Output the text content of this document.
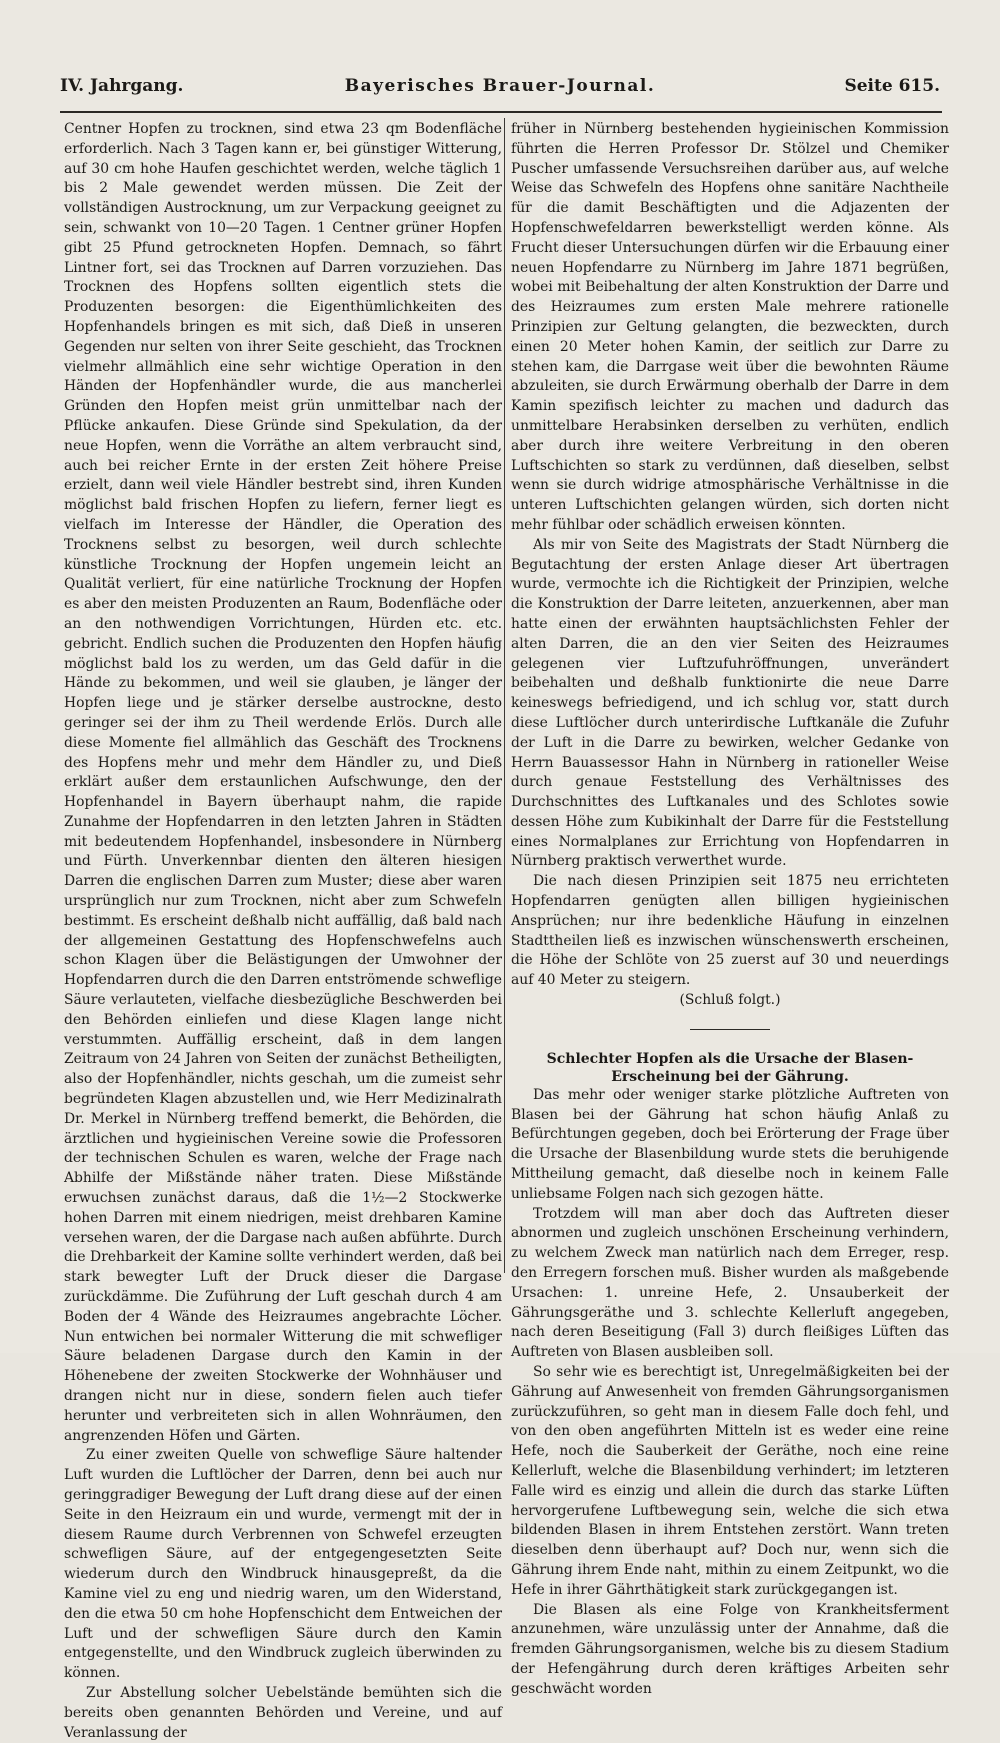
IV. Jahrgang.	Bayerisches Brauer-Journal.	Seite 615.

Centner Hopfen zu trocknen, sind etwa 23 qm Bodenfläche erforderlich. Nach 3 Tagen kann er, bei günstiger Witterung, auf 30 cm hohe Haufen geschichtet werden, welche täglich 1 bis 2 Male gewendet werden müssen. Die Zeit der vollständigen Austrocknung, um zur Verpackung geeignet zu sein, schwankt von 10—20 Tagen. 1 Centner grüner Hopfen gibt 25 Pfund getrockneten Hopfen. Demnach, so fährt Lintner fort, sei das Trocknen auf Darren vorzuziehen. Das Trocknen des Hopfens sollten eigentlich stets die Produzenten besorgen: die Eigenthümlichkeiten des Hopfenhandels bringen es mit sich, daß Dieß in unseren Gegenden nur selten von ihrer Seite geschieht, das Trocknen vielmehr allmählich eine sehr wichtige Operation in den Händen der Hopfenhändler wurde, die aus mancherlei Gründen den Hopfen meist grün unmittelbar nach der Pflücke ankaufen. Diese Gründe sind Spekulation, da der neue Hopfen, wenn die Vorräthe an altem verbraucht sind, auch bei reicher Ernte in der ersten Zeit höhere Preise erzielt, dann weil viele Händler bestrebt sind, ihren Kunden möglichst bald frischen Hopfen zu liefern, ferner liegt es vielfach im Interesse der Händler, die Operation des Trocknens selbst zu besorgen, weil durch schlechte künstliche Trocknung der Hopfen ungemein leicht an Qualität verliert, für eine natürliche Trocknung der Hopfen es aber den meisten Produzenten an Raum, Bodenfläche oder an den nothwendigen Vorrichtungen, Hürden etc. etc. gebricht. Endlich suchen die Produzenten den Hopfen häufig möglichst bald los zu werden, um das Geld dafür in die Hände zu bekommen, und weil sie glauben, je länger der Hopfen liege und je stärker derselbe austrockne, desto geringer sei der ihm zu Theil werdende Erlös. Durch alle diese Momente fiel allmählich das Geschäft des Trocknens des Hopfens mehr und mehr dem Händler zu, und Dieß erklärt außer dem erstaunlichen Aufschwunge, den der Hopfenhandel in Bayern überhaupt nahm, die rapide Zunahme der Hopfendarren in den letzten Jahren in Städten mit bedeutendem Hopfenhandel, insbesondere in Nürnberg und Fürth. Unverkennbar dienten den älteren hiesigen Darren die englischen Darren zum Muster; diese aber waren ursprünglich nur zum Trocknen, nicht aber zum Schwefeln bestimmt. Es erscheint deßhalb nicht auffällig, daß bald nach der allgemeinen Gestattung des Hopfenschwefelns auch schon Klagen über die Belästigungen der Umwohner der Hopfendarren durch die den Darren entströmende schweflige Säure verlauteten, vielfache diesbezügliche Beschwerden bei den Behörden einliefen und diese Klagen lange nicht verstummten. Auffällig erscheint, daß in dem langen Zeitraum von 24 Jahren von Seiten der zunächst Betheiligten, also der Hopfenhändler, nichts geschah, um die zumeist sehr begründeten Klagen abzustellen und, wie Herr Medizinalrath Dr. Merkel in Nürnberg treffend bemerkt, die Behörden, die ärztlichen und hygieinischen Vereine sowie die Professoren der technischen Schulen es waren, welche der Frage nach Abhilfe der Mißstände näher traten. Diese Mißstände erwuchsen zunächst daraus, daß die 1½—2 Stockwerke hohen Darren mit einem niedrigen, meist drehbaren Kamine versehen waren, der die Dargase nach außen abführte. Durch die Drehbarkeit der Kamine sollte verhindert werden, daß bei stark bewegter Luft der Druck dieser die Dargase zurückdämme. Die Zuführung der Luft geschah durch 4 am Boden der 4 Wände des Heizraumes angebrachte Löcher. Nun entwichen bei normaler Witterung die mit schwefliger Säure beladenen Dargase durch den Kamin in der Höhenebene der zweiten Stockwerke der Wohnhäuser und drangen nicht nur in diese, sondern fielen auch tiefer herunter und verbreiteten sich in allen Wohnräumen, den angrenzenden Höfen und Gärten.

Zu einer zweiten Quelle von schweflige Säure haltender Luft wurden die Luftlöcher der Darren, denn bei auch nur geringgradiger Bewegung der Luft drang diese auf der einen Seite in den Heizraum ein und wurde, vermengt mit der in diesem Raume durch Verbrennen von Schwefel erzeugten schwefligen Säure, auf der entgegengesetzten Seite wiederum durch den Windbruck hinausgepreßt, da die Kamine viel zu eng und niedrig waren, um den Widerstand, den die etwa 50 cm hohe Hopfenschicht dem Entweichen der Luft und der schwefligen Säure durch den Kamin entgegenstellte, und den Windbruck zugleich überwinden zu können.

Zur Abstellung solcher Uebelstände bemühten sich die bereits oben genannten Behörden und Vereine, und auf Veranlassung der

früher in Nürnberg bestehenden hygieinischen Kommission führten die Herren Professor Dr. Stölzel und Chemiker Puscher umfassende Versuchsreihen darüber aus, auf welche Weise das Schwefeln des Hopfens ohne sanitäre Nachtheile für die damit Beschäftigten und die Adjazenten der Hopfenschwefeldarren bewerkstelligt werden könne. Als Frucht dieser Untersuchungen dürfen wir die Erbauung einer neuen Hopfendarre zu Nürnberg im Jahre 1871 begrüßen, wobei mit Beibehaltung der alten Konstruktion der Darre und des Heizraumes zum ersten Male mehrere rationelle Prinzipien zur Geltung gelangten, die bezweckten, durch einen 20 Meter hohen Kamin, der seitlich zur Darre zu stehen kam, die Darrgase weit über die bewohnten Räume abzuleiten, sie durch Erwärmung oberhalb der Darre in dem Kamin spezifisch leichter zu machen und dadurch das unmittelbare Herabsinken derselben zu verhüten, endlich aber durch ihre weitere Verbreitung in den oberen Luftschichten so stark zu verdünnen, daß dieselben, selbst wenn sie durch widrige atmosphärische Verhältnisse in die unteren Luftschichten gelangen würden, sich dorten nicht mehr fühlbar oder schädlich erweisen könnten.

Als mir von Seite des Magistrats der Stadt Nürnberg die Begutachtung der ersten Anlage dieser Art übertragen wurde, vermochte ich die Richtigkeit der Prinzipien, welche die Konstruktion der Darre leiteten, anzuerkennen, aber man hatte einen der erwähnten hauptsächlichsten Fehler der alten Darren, die an den vier Seiten des Heizraumes gelegenen vier Luftzufuhröffnungen, unverändert beibehalten und deßhalb funktionirte die neue Darre keineswegs befriedigend, und ich schlug vor, statt durch diese Luftlöcher durch unterirdische Luftkanäle die Zufuhr der Luft in die Darre zu bewirken, welcher Gedanke von Herrn Bauassessor Hahn in Nürnberg in rationeller Weise durch genaue Feststellung des Verhältnisses des Durchschnittes des Luftkanales und des Schlotes sowie dessen Höhe zum Kubikinhalt der Darre für die Feststellung eines Normalplanes zur Errichtung von Hopfendarren in Nürnberg praktisch verwerthet wurde.

Die nach diesen Prinzipien seit 1875 neu errichteten Hopfendarren genügten allen billigen hygieinischen Ansprüchen; nur ihre bedenkliche Häufung in einzelnen Stadttheilen ließ es inzwischen wünschenswerth erscheinen, die Höhe der Schlöte von 25 zuerst auf 30 und neuerdings auf 40 Meter zu steigern.

(Schluß folgt.)

Schlechter Hopfen als die Ursache der Blasen-Erscheinung bei der Gährung.

Das mehr oder weniger starke plötzliche Auftreten von Blasen bei der Gährung hat schon häufig Anlaß zu Befürchtungen gegeben, doch bei Erörterung der Frage über die Ursache der Blasenbildung wurde stets die beruhigende Mittheilung gemacht, daß dieselbe noch in keinem Falle unliebsame Folgen nach sich gezogen hätte.

Trotzdem will man aber doch das Auftreten dieser abnormen und zugleich unschönen Erscheinung verhindern, zu welchem Zweck man natürlich nach dem Erreger, resp. den Erregern forschen muß. Bisher wurden als maßgebende Ursachen: 1. unreine Hefe, 2. Unsauberkeit der Gährungsgeräthe und 3. schlechte Kellerluft angegeben, nach deren Beseitigung (Fall 3) durch fleißiges Lüften das Auftreten von Blasen ausbleiben soll.

So sehr wie es berechtigt ist, Unregelmäßigkeiten bei der Gährung auf Anwesenheit von fremden Gährungsorganismen zurückzuführen, so geht man in diesem Falle doch fehl, und von den oben angeführten Mitteln ist es weder eine reine Hefe, noch die Sauberkeit der Geräthe, noch eine reine Kellerluft, welche die Blasenbildung verhindert; im letzteren Falle wird es einzig und allein die durch das starke Lüften hervorgerufene Luftbewegung sein, welche die sich etwa bildenden Blasen in ihrem Entstehen zerstört. Wann treten dieselben denn überhaupt auf? Doch nur, wenn sich die Gährung ihrem Ende naht, mithin zu einem Zeitpunkt, wo die Hefe in ihrer Gährthätigkeit stark zurückgegangen ist.

Die Blasen als eine Folge von Krankheitsferment anzunehmen, wäre unzulässig unter der Annahme, daß die fremden Gährungsorganismen, welche bis zu diesem Stadium der Hefengährung durch deren kräftiges Arbeiten sehr geschwächt worden
